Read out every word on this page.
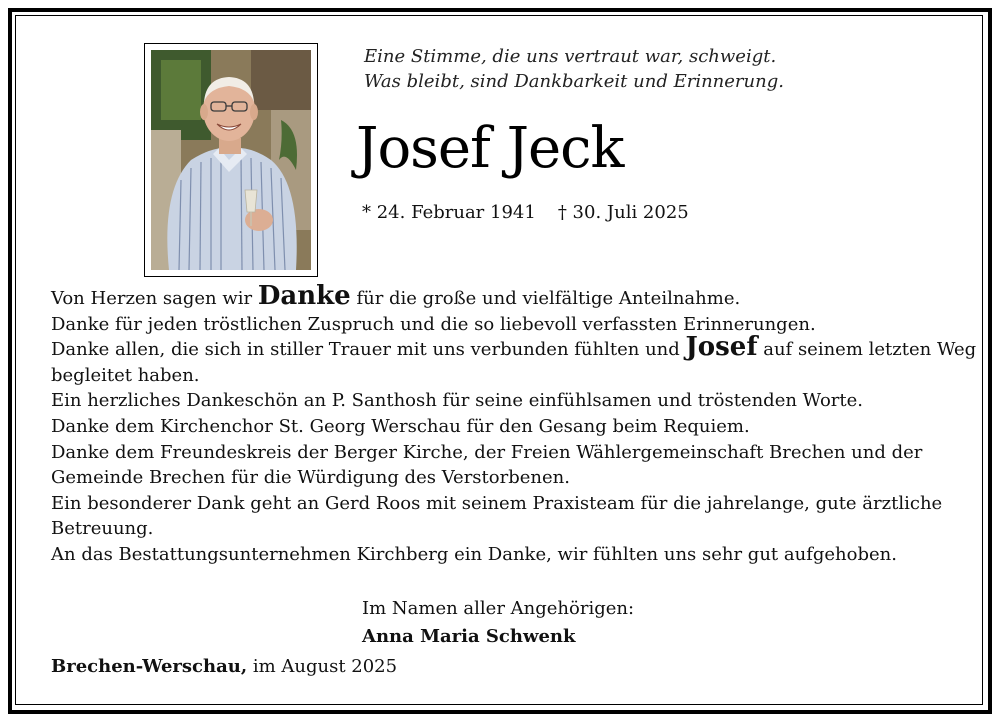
Eine Stimme, die uns vertraut war, schweigt.
Was bleibt, sind Dankbarkeit und Erinnerung.
Josef Jeck
* 24. Februar 1941 † 30. Juli 2025
Von Herzen sagen wir Danke für die große und vielfältige Anteilnahme.
Danke für jeden tröstlichen Zuspruch und die so liebevoll verfassten Erinnerungen.
Danke allen, die sich in stiller Trauer mit uns verbunden fühlten und Josef auf seinem letzten Weg
begleitet haben.
Ein herzliches Dankeschön an P. Santhosh für seine einfühlsamen und tröstenden Worte.
Danke dem Kirchenchor St. Georg Werschau für den Gesang beim Requiem.
Danke dem Freundeskreis der Berger Kirche, der Freien Wählergemeinschaft Brechen und der
Gemeinde Brechen für die Würdigung des Verstorbenen.
Ein besonderer Dank geht an Gerd Roos mit seinem Praxisteam für die jahrelange, gute ärztliche
Betreuung.
An das Bestattungsunternehmen Kirchberg ein Danke, wir fühlten uns sehr gut aufgehoben.
Im Namen aller Angehörigen:
Anna Maria Schwenk
Brechen-Werschau, im August 2025
